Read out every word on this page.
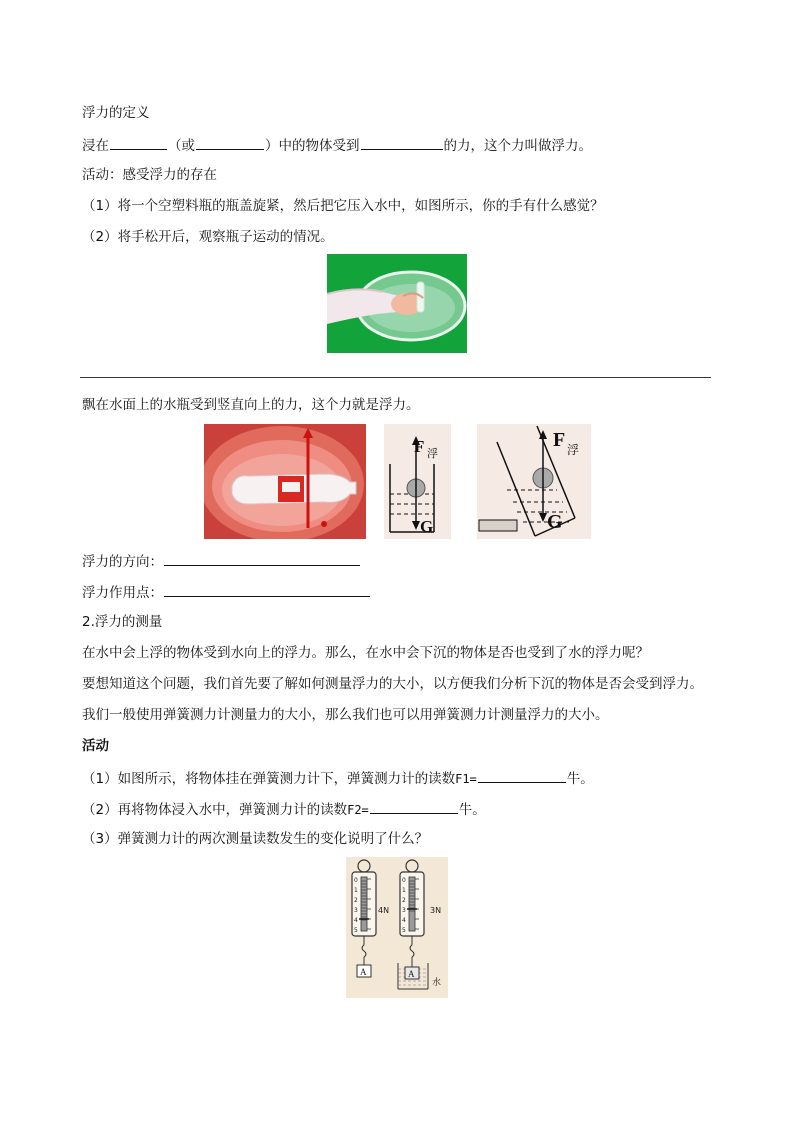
浮力的定义
浸在	（或	）中的物体受到	的力，这个力叫做浮力。
活动：感受浮力的存在
（1）将一个空塑料瓶的瓶盖旋紧，然后把它压入水中，如图所示，你的手有什么感觉？
（2）将手松开后，观察瓶子运动的情况。
飘在水面上的水瓶受到竖直向上的力，这个力就是浮力。
F 浮
G
F 浮
G
浮力的方向：
浮力作用点：
2.浮力的测量
在水中会上浮的物体受到水向上的浮力。那么，在水中会下沉的物体是否也受到了水的浮力呢？
要想知道这个问题，我们首先要了解如何测量浮力的大小，以方便我们分析下沉的物体是否会受到浮力。
我们一般使用弹簧测力计测量力的大小，那么我们也可以用弹簧测力计测量浮力的大小。
活动
（1）如图所示，将物体挂在弹簧测力计下，弹簧测力计的读数F1=	牛。
（2）再将物体浸入水中，弹簧测力计的读数F2=	牛。
（3）弹簧测力计的两次测量读数发生的变化说明了什么？
0
1
2
3
4
5
4N
A
0
1
2
3
4
5
3N
A
水
